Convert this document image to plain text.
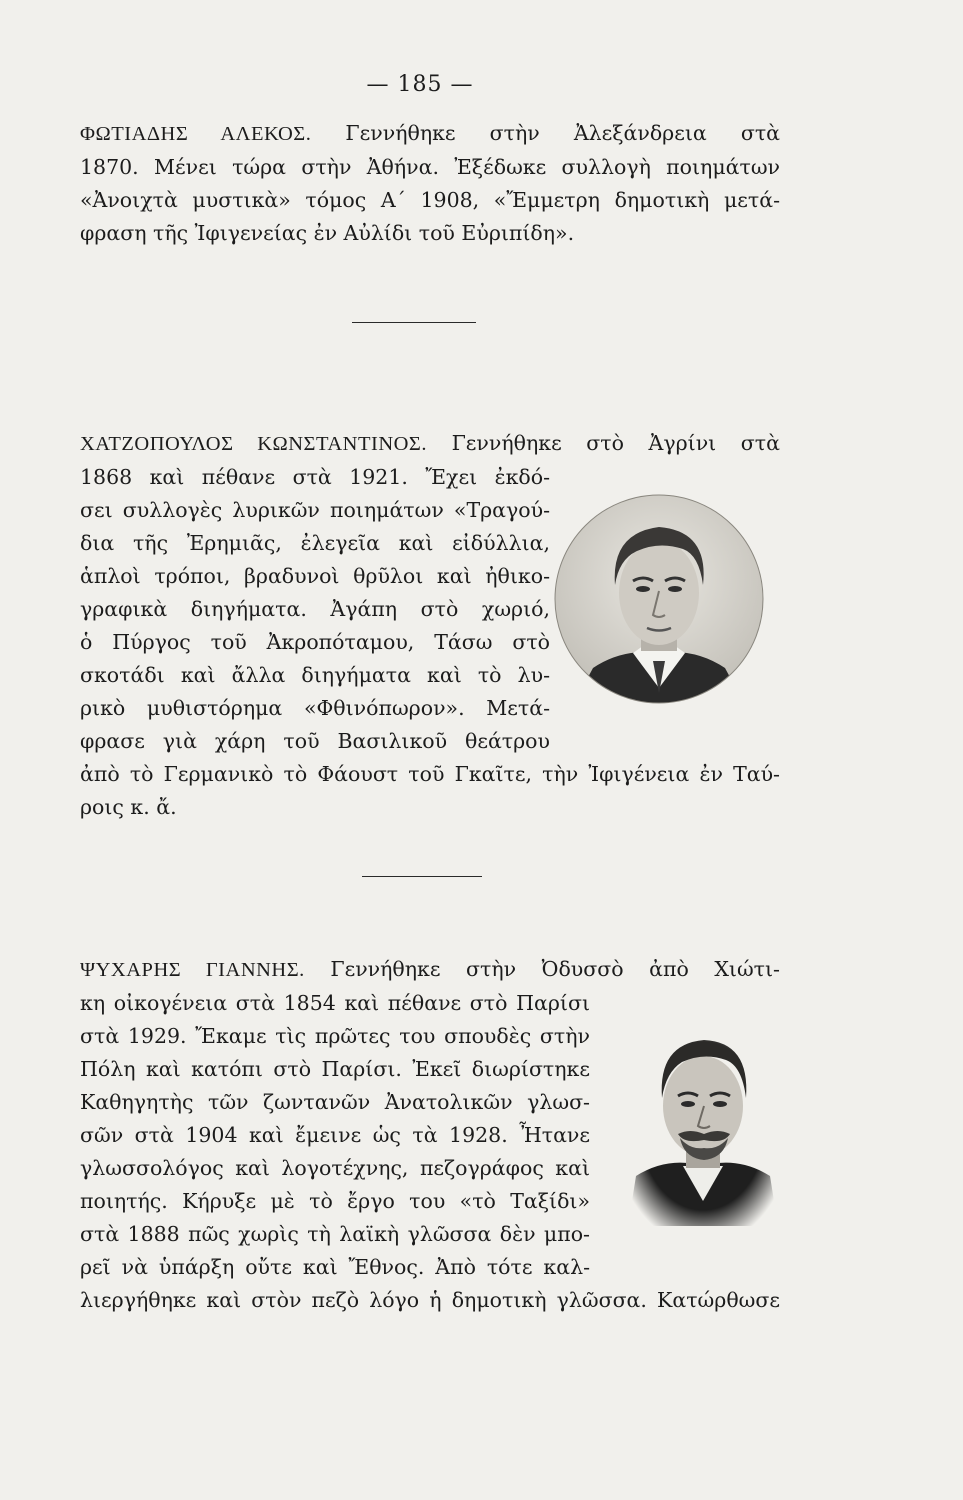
— 185 —
ΦΩΤΙΑΔΗΣ ΑΛΕΚΟΣ. Γεννήθηκε στὴν Ἀλεξάνδρεια στὰ
1870. Μένει τώρα στὴν Ἀθήνα. Ἐξέδωκε συλλογὴ ποιημάτων
«Ἀνοιχτὰ μυστικὰ» τόμος Α΄ 1908, «Ἔμμετρη δημοτικὴ μετά-
φραση τῆς Ἰφιγενείας ἐν Αὐλίδι τοῦ Εὐριπίδη».
ΧΑΤΖΟΠΟΥΛΟΣ ΚΩΝΣΤΑΝΤΙΝΟΣ. Γεννήθηκε στὸ Ἀγρίνι στὰ
1868 καὶ πέθανε στὰ 1921. Ἔχει ἐκδό-
σει συλλογὲς λυρικῶν ποιημάτων «Τραγού-
δια τῆς Ἐρημιᾶς, ἐλεγεῖα καὶ εἰδύλλια,
ἁπλοὶ τρόποι, βραδυνοὶ θρῦλοι καὶ ἠθικο-
γραφικὰ διηγήματα. Ἀγάπη στὸ χωριό,
ὁ Πύργος τοῦ Ἀκροπόταμου, Τάσω στὸ
σκοτάδι καὶ ἄλλα διηγήματα καὶ τὸ λυ-
ρικὸ μυθιστόρημα «Φθινόπωρον». Μετά-
φρασε γιὰ χάρη τοῦ Βασιλικοῦ θεάτρου
ἀπὸ τὸ Γερμανικὸ τὸ Φάουστ τοῦ Γκαῖτε, τὴν Ἰφιγένεια ἐν Ταύ-
ροις κ. ἄ.
ΨΥΧΑΡΗΣ ΓΙΑΝΝΗΣ. Γεννήθηκε στὴν Ὀδυσσὸ ἀπὸ Χιώτι-
κη οἰκογένεια στὰ 1854 καὶ πέθανε στὸ Παρίσι
στὰ 1929. Ἔκαμε τὶς πρῶτες του σπουδὲς στὴν
Πόλη καὶ κατόπι στὸ Παρίσι. Ἐκεῖ διωρίστηκε
Καθηγητὴς τῶν ζωντανῶν Ἀνατολικῶν γλωσ-
σῶν στὰ 1904 καὶ ἔμεινε ὡς τὰ 1928. Ἦτανε
γλωσσολόγος καὶ λογοτέχνης, πεζογράφος καὶ
ποιητής. Κήρυξε μὲ τὸ ἔργο του «τὸ Ταξίδι»
στὰ 1888 πῶς χωρὶς τὴ λαϊκὴ γλῶσσα δὲν μπο-
ρεῖ νὰ ὑπάρξη οὔτε καὶ Ἔθνος. Ἀπὸ τότε καλ-
λιεργήθηκε καὶ στὸν πεζὸ λόγο ἡ δημοτικὴ γλῶσσα. Κατώρθωσε
